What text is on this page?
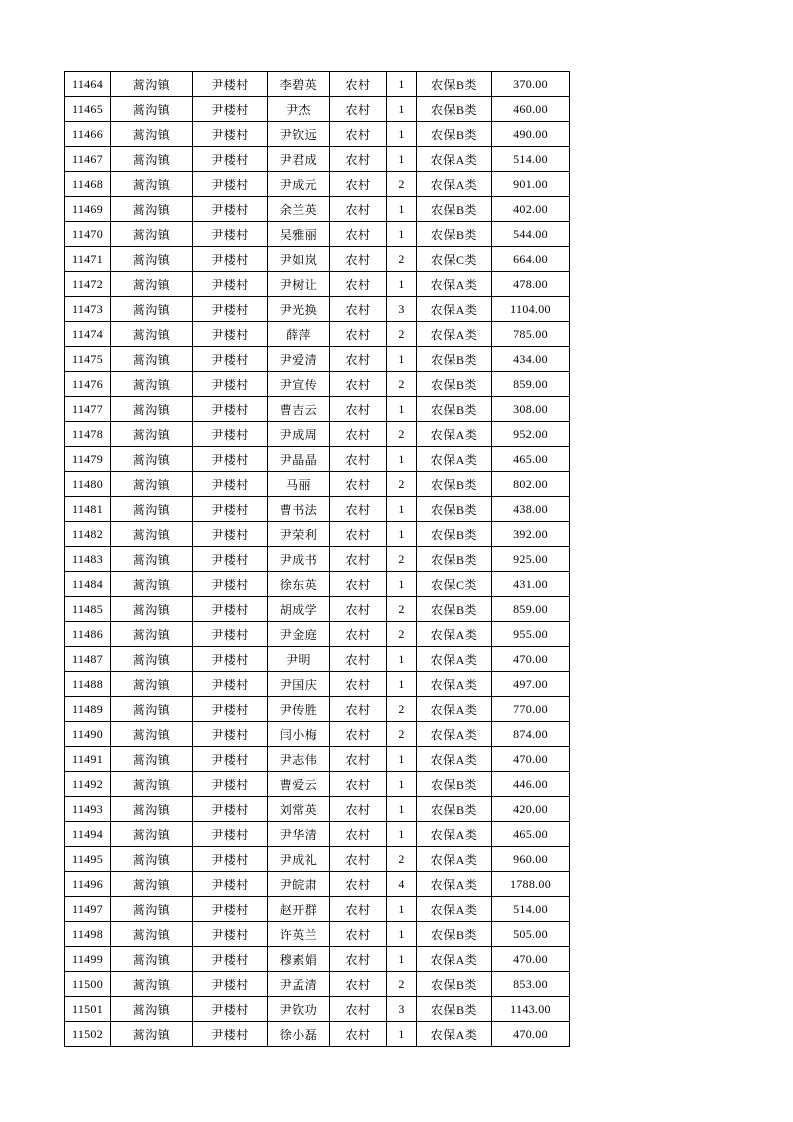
11464	蒿沟镇	尹楼村	李碧英	农村	1	农保B类	370.00
11465	蒿沟镇	尹楼村	尹杰	农村	1	农保B类	460.00
11466	蒿沟镇	尹楼村	尹钦远	农村	1	农保B类	490.00
11467	蒿沟镇	尹楼村	尹君成	农村	1	农保A类	514.00
11468	蒿沟镇	尹楼村	尹成元	农村	2	农保A类	901.00
11469	蒿沟镇	尹楼村	余兰英	农村	1	农保B类	402.00
11470	蒿沟镇	尹楼村	吴雅丽	农村	1	农保B类	544.00
11471	蒿沟镇	尹楼村	尹如岚	农村	2	农保C类	664.00
11472	蒿沟镇	尹楼村	尹树让	农村	1	农保A类	478.00
11473	蒿沟镇	尹楼村	尹光换	农村	3	农保A类	1104.00
11474	蒿沟镇	尹楼村	薛萍	农村	2	农保A类	785.00
11475	蒿沟镇	尹楼村	尹爱清	农村	1	农保B类	434.00
11476	蒿沟镇	尹楼村	尹宣传	农村	2	农保B类	859.00
11477	蒿沟镇	尹楼村	曹吉云	农村	1	农保B类	308.00
11478	蒿沟镇	尹楼村	尹成周	农村	2	农保A类	952.00
11479	蒿沟镇	尹楼村	尹晶晶	农村	1	农保A类	465.00
11480	蒿沟镇	尹楼村	马丽	农村	2	农保B类	802.00
11481	蒿沟镇	尹楼村	曹书法	农村	1	农保B类	438.00
11482	蒿沟镇	尹楼村	尹荣利	农村	1	农保B类	392.00
11483	蒿沟镇	尹楼村	尹成书	农村	2	农保B类	925.00
11484	蒿沟镇	尹楼村	徐东英	农村	1	农保C类	431.00
11485	蒿沟镇	尹楼村	胡成学	农村	2	农保B类	859.00
11486	蒿沟镇	尹楼村	尹金庭	农村	2	农保A类	955.00
11487	蒿沟镇	尹楼村	尹明	农村	1	农保A类	470.00
11488	蒿沟镇	尹楼村	尹国庆	农村	1	农保A类	497.00
11489	蒿沟镇	尹楼村	尹传胜	农村	2	农保A类	770.00
11490	蒿沟镇	尹楼村	闫小梅	农村	2	农保A类	874.00
11491	蒿沟镇	尹楼村	尹志伟	农村	1	农保A类	470.00
11492	蒿沟镇	尹楼村	曹爱云	农村	1	农保B类	446.00
11493	蒿沟镇	尹楼村	刘常英	农村	1	农保B类	420.00
11494	蒿沟镇	尹楼村	尹华清	农村	1	农保A类	465.00
11495	蒿沟镇	尹楼村	尹成礼	农村	2	农保A类	960.00
11496	蒿沟镇	尹楼村	尹皖肃	农村	4	农保A类	1788.00
11497	蒿沟镇	尹楼村	赵开群	农村	1	农保A类	514.00
11498	蒿沟镇	尹楼村	许英兰	农村	1	农保B类	505.00
11499	蒿沟镇	尹楼村	穆素娟	农村	1	农保A类	470.00
11500	蒿沟镇	尹楼村	尹孟清	农村	2	农保B类	853.00
11501	蒿沟镇	尹楼村	尹钦功	农村	3	农保B类	1143.00
11502	蒿沟镇	尹楼村	徐小磊	农村	1	农保A类	470.00
